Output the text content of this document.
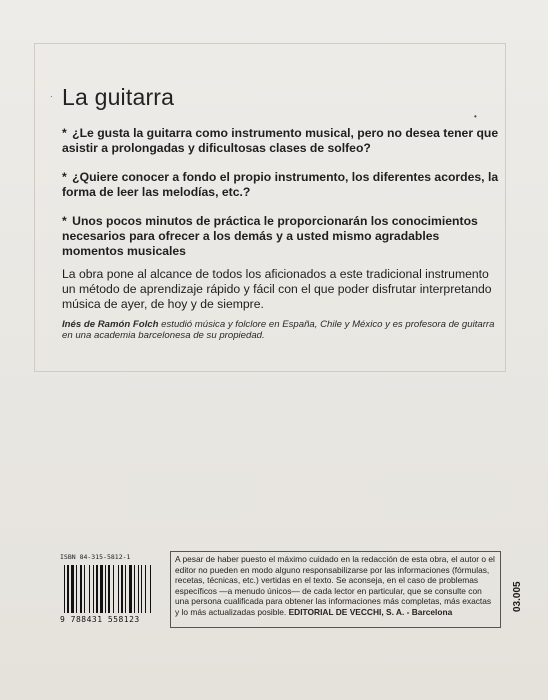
·
•
La guitarra

* ¿Le gusta la guitarra como instrumento musical, pero no desea tener que asistir a prolongadas y dificultosas clases de solfeo?

* ¿Quiere conocer a fondo el propio instrumento, los diferentes acordes, la forma de leer las melodías, etc.?

* Unos pocos minutos de práctica le proporcionarán los conocimientos necesarios para ofrecer a los demás y a usted mismo agradables momentos musicales

La obra pone al alcance de todos los aficionados a este tradicional instrumento un método de aprendizaje rápido y fácil con el que poder disfrutar interpretando música de ayer, de hoy y de siempre.
Inés de Ramón Folch estudió música y folclore en España, Chile y México y es profesora de guitarra en una academia barcelonesa de su propiedad.
ISBN 84-315-5812-1
9 788431 558123
A pesar de haber puesto el máximo cuidado en la redacción de esta obra, el autor o el editor no pueden en modo alguno responsabilizarse por las informaciones (fórmulas, recetas, técnicas, etc.) vertidas en el texto. Se aconseja, en el caso de problemas específicos —a menudo únicos— de cada lector en particular, que se consulte con una persona cualificada para obtener las informaciones más completas, más exactas y lo más actualizadas posible. EDITORIAL DE VECCHI, S. A. - Barcelona	03.005
